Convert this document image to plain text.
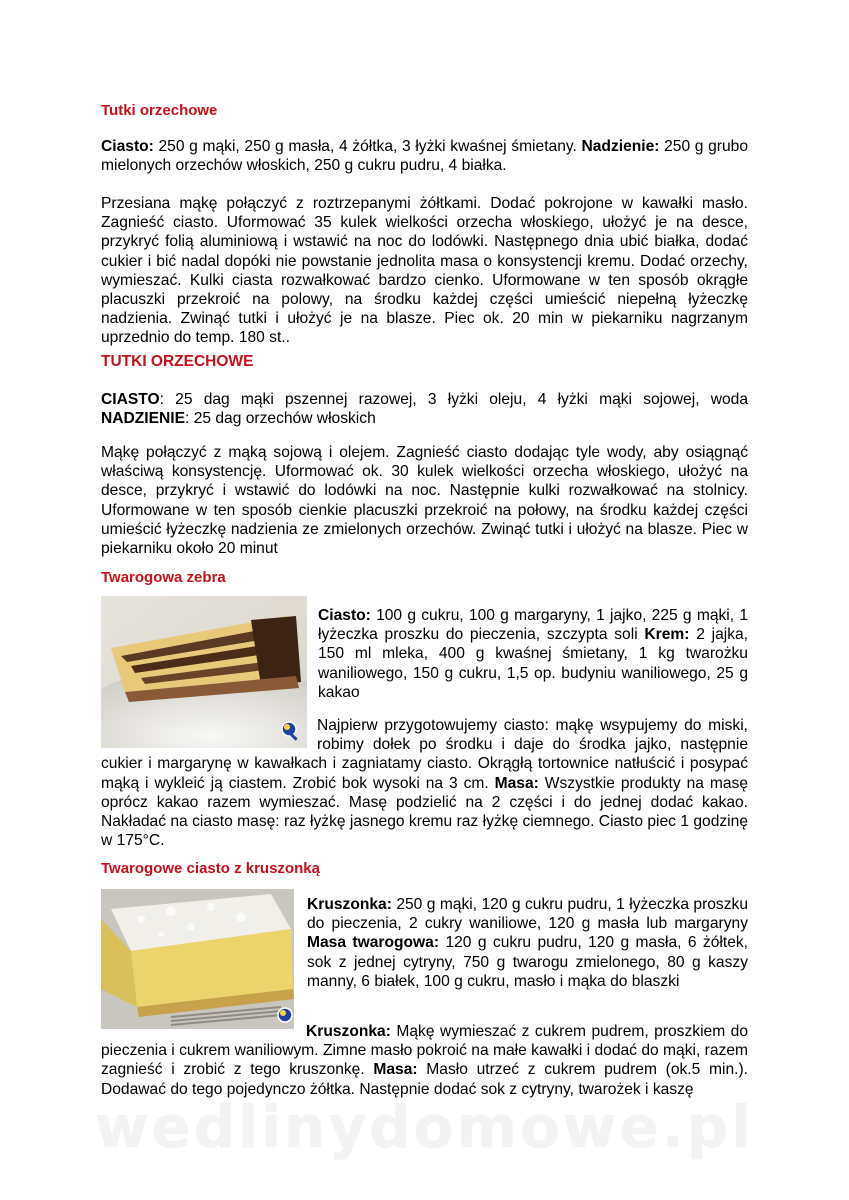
Tutki orzechowe

Ciasto: 250 g mąki, 250 g masła, 4 żółtka, 3 łyżki kwaśnej śmietany. Nadzienie: 250 g grubo mielonych orzechów włoskich, 250 g cukru pudru, 4 białka.

Przesiana mąkę połączyć z roztrzepanymi żółtkami. Dodać pokrojone w kawałki masło. Zagnieść ciasto. Uformować 35 kulek wielkości orzecha włoskiego, ułożyć je na desce, przykryć folią aluminiową i wstawić na noc do lodówki. Następnego dnia ubić białka, dodać cukier i bić nadal dopóki nie powstanie jednolita masa o konsystencji kremu. Dodać orzechy, wymieszać. Kulki ciasta rozwałkować bardzo cienko. Uformowane w ten sposób okrągłe placuszki przekroić na polowy, na środku każdej części umieścić niepełną łyżeczkę nadzienia. Zwinąć tutki i ułożyć je na blasze. Piec ok. 20 min w piekarniku nagrzanym uprzednio do temp. 180 st..

TUTKI ORZECHOWE

CIASTO: 25 dag mąki pszennej razowej, 3 łyżki oleju, 4 łyżki mąki sojowej, woda NADZIENIE: 25 dag orzechów włoskich

Mąkę połączyć z mąką sojową i olejem. Zagnieść ciasto dodając tyle wody, aby osiągnąć właściwą konsystencję. Uformować ok. 30 kulek wielkości orzecha włoskiego, ułożyć na desce, przykryć i wstawić do lodówki na noc. Następnie kulki rozwałkować na stolnicy. Uformowane w ten sposób cienkie placuszki przekroić na połowy, na środku każdej części umieścić łyżeczkę nadzienia ze zmielonych orzechów. Zwinąć tutki i ułożyć na blasze. Piec w piekarniku około 20 minut

Twarogowa zebra

Ciasto: 100 g cukru, 100 g margaryny, 1 jajko, 225 g mąki, 1 łyżeczka proszku do pieczenia, szczypta soli Krem: 2 jajka, 150 ml mleka, 400 g kwaśnej śmietany, 1 kg twarożku waniliowego, 150 g cukru, 1,5 op. budyniu waniliowego, 25 g kakao

Najpierw przygotowujemy ciasto: mąkę wsypujemy do miski, robimy dołek po środku i daje do środka jajko, następnie cukier i margarynę w kawałkach i zagniatamy ciasto. Okrągłą tortownice natłuścić i posypać mąką i wykleić ją ciastem. Zrobić bok wysoki na 3 cm. Masa: Wszystkie produkty na masę oprócz kakao razem wymieszać. Masę podzielić na 2 części i do jednej dodać kakao. Nakładać na ciasto masę: raz łyżkę jasnego kremu raz łyżkę ciemnego. Ciasto piec 1 godzinę w 175°C.

Twarogowe ciasto z kruszonką

Kruszonka: 250 g mąki, 120 g cukru pudru, 1 łyżeczka proszku do pieczenia, 2 cukry waniliowe, 120 g masła lub margaryny Masa twarogowa: 120 g cukru pudru, 120 g masła, 6 żółtek, sok z jednej cytryny, 750 g twarogu zmielonego, 80 g kaszy manny, 6 białek, 100 g cukru, masło i mąka do blaszki

Kruszonka: Mąkę wymieszać z cukrem pudrem, proszkiem do pieczenia i cukrem waniliowym. Zimne masło pokroić na małe kawałki i dodać do mąki, razem zagnieść i zrobić z tego kruszonkę. Masa: Masło utrzeć z cukrem pudrem (ok.5 min.). Dodawać do tego pojedynczo żółtka. Następnie dodać sok z cytryny, twarożek i kaszę

wedlinydomowe.pl
